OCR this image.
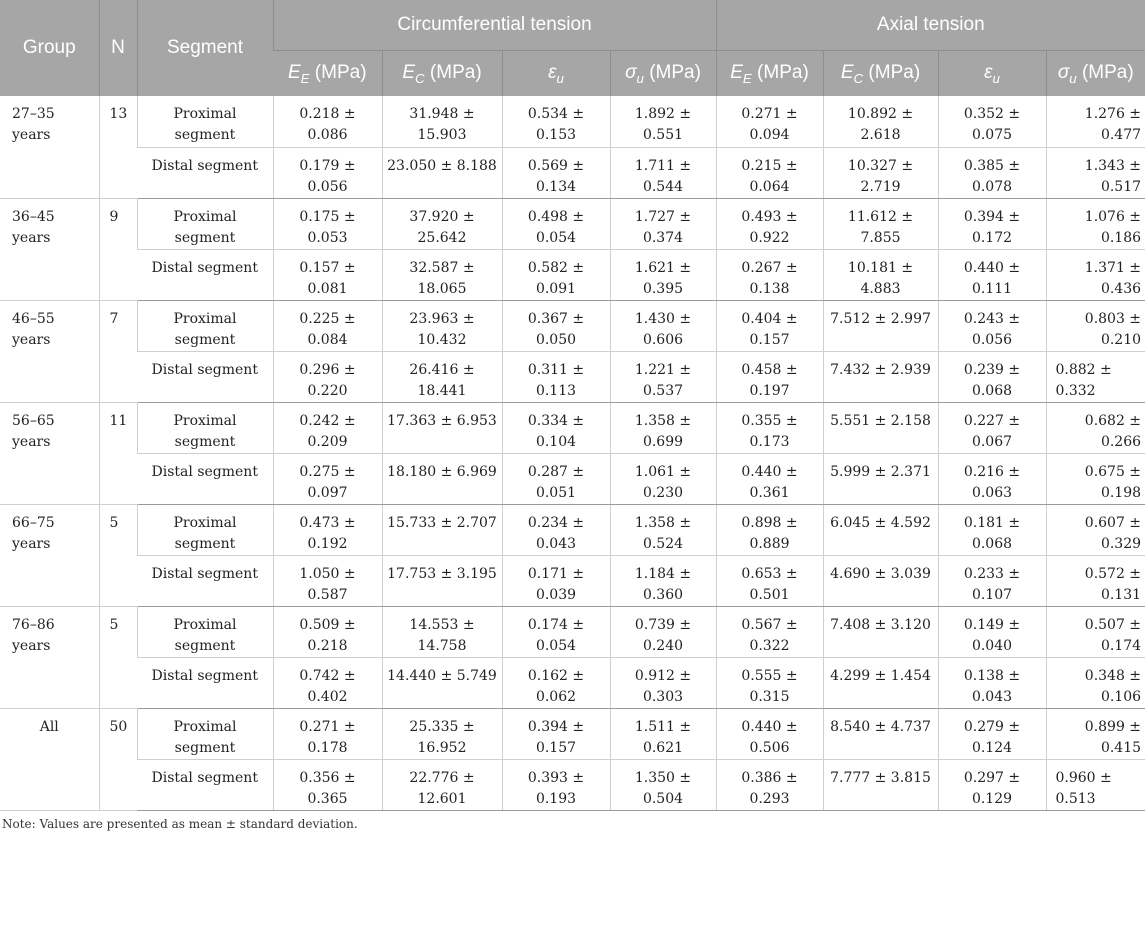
Group	N	Segment	Circumferential tension				Axial tension			
			$E_E$ (MPa)	$E_C$ (MPa)	$\varepsilon_u$	$\sigma_u$ (MPa)	$E_E$ (MPa)	$E_C$ (MPa)	$\varepsilon_u$	$\sigma_u$ (MPa)
27–35 years	13	Proximal segment	0.218 ± 0.086	31.948 ± 15.903	0.534 ± 0.153	1.892 ± 0.551	0.271 ± 0.094	10.892 ± 2.618	0.352 ± 0.075	1.276 ± 0.477
		Distal segment	0.179 ± 0.056	23.050 ± 8.188	0.569 ± 0.134	1.711 ± 0.544	0.215 ± 0.064	10.327 ± 2.719	0.385 ± 0.078	1.343 ± 0.517
36–45 years	9	Proximal segment	0.175 ± 0.053	37.920 ± 25.642	0.498 ± 0.054	1.727 ± 0.374	0.493 ± 0.922	11.612 ± 7.855	0.394 ± 0.172	1.076 ± 0.186
		Distal segment	0.157 ± 0.081	32.587 ± 18.065	0.582 ± 0.091	1.621 ± 0.395	0.267 ± 0.138	10.181 ± 4.883	0.440 ± 0.111	1.371 ± 0.436
46–55 years	7	Proximal segment	0.225 ± 0.084	23.963 ± 10.432	0.367 ± 0.050	1.430 ± 0.606	0.404 ± 0.157	7.512 ± 2.997	0.243 ± 0.056	0.803 ± 0.210
		Distal segment	0.296 ± 0.220	26.416 ± 18.441	0.311 ± 0.113	1.221 ± 0.537	0.458 ± 0.197	7.432 ± 2.939	0.239 ± 0.068	0.882 ± 0.332
56–65 years	11	Proximal segment	0.242 ± 0.209	17.363 ± 6.953	0.334 ± 0.104	1.358 ± 0.699	0.355 ± 0.173	5.551 ± 2.158	0.227 ± 0.067	0.682 ± 0.266
		Distal segment	0.275 ± 0.097	18.180 ± 6.969	0.287 ± 0.051	1.061 ± 0.230	0.440 ± 0.361	5.999 ± 2.371	0.216 ± 0.063	0.675 ± 0.198
66–75 years	5	Proximal segment	0.473 ± 0.192	15.733 ± 2.707	0.234 ± 0.043	1.358 ± 0.524	0.898 ± 0.889	6.045 ± 4.592	0.181 ± 0.068	0.607 ± 0.329
		Distal segment	1.050 ± 0.587	17.753 ± 3.195	0.171 ± 0.039	1.184 ± 0.360	0.653 ± 0.501	4.690 ± 3.039	0.233 ± 0.107	0.572 ± 0.131
76–86 years	5	Proximal segment	0.509 ± 0.218	14.553 ± 14.758	0.174 ± 0.054	0.739 ± 0.240	0.567 ± 0.322	7.408 ± 3.120	0.149 ± 0.040	0.507 ± 0.174
		Distal segment	0.742 ± 0.402	14.440 ± 5.749	0.162 ± 0.062	0.912 ± 0.303	0.555 ± 0.315	4.299 ± 1.454	0.138 ± 0.043	0.348 ± 0.106
All	50	Proximal segment	0.271 ± 0.178	25.335 ± 16.952	0.394 ± 0.157	1.511 ± 0.621	0.440 ± 0.506	8.540 ± 4.737	0.279 ± 0.124	0.899 ± 0.415
		Distal segment	0.356 ± 0.365	22.776 ± 12.601	0.393 ± 0.193	1.350 ± 0.504	0.386 ± 0.293	7.777 ± 3.815	0.297 ± 0.129	0.960 ± 0.513
Note: Values are presented as mean ± standard deviation.
